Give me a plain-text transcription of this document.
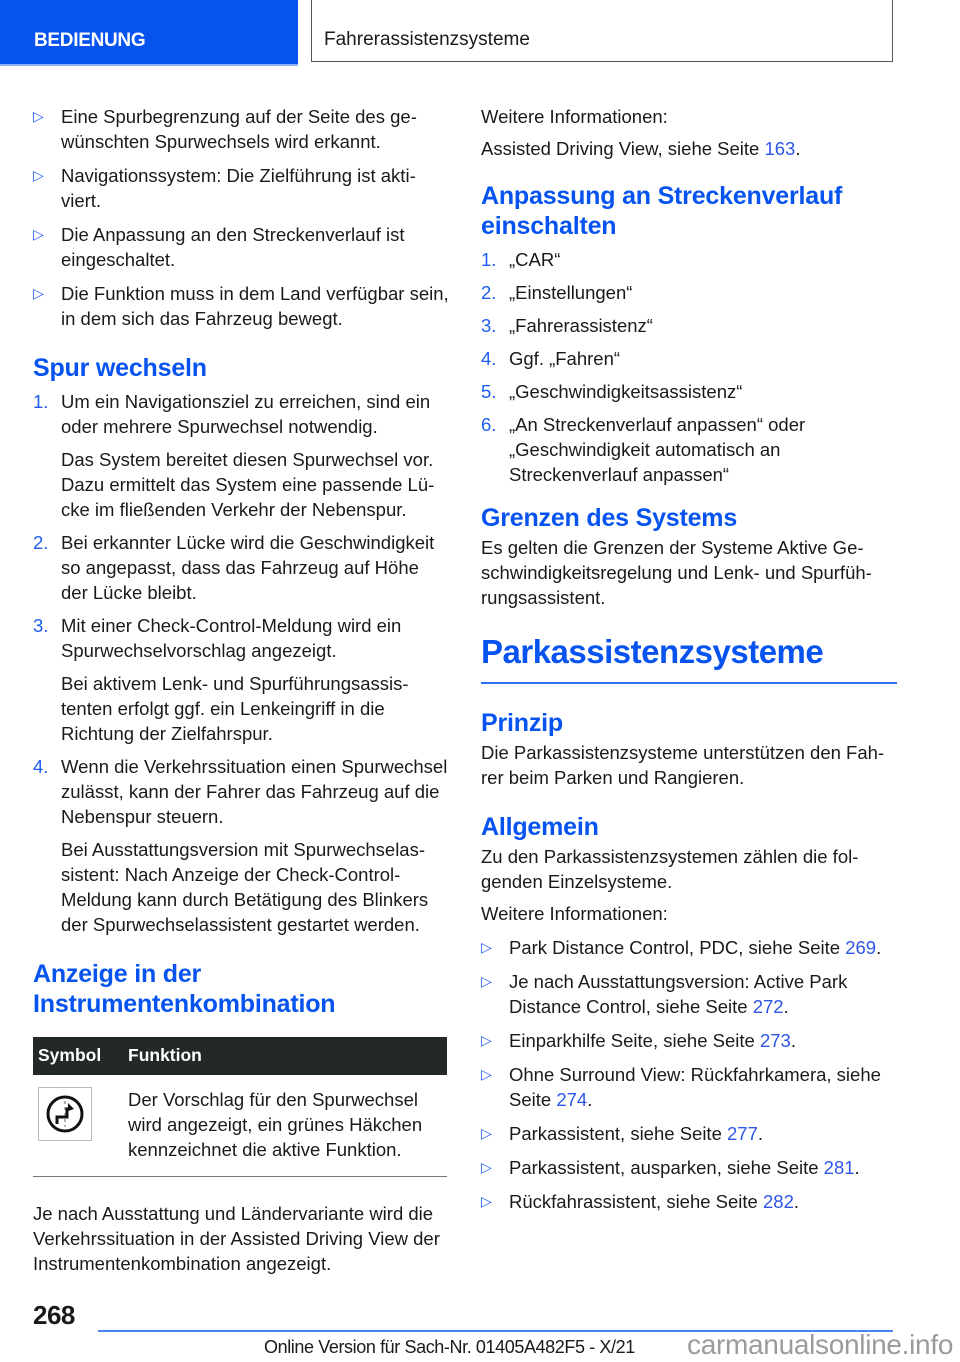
BEDIENUNG	Fahrerassistenzsysteme
▷ Eine Spurbegrenzung auf der Seite des gewünschten Spurwechsels wird erkannt.
▷ Navigationssystem: Die Zielführung ist aktiviert.
▷ Die Anpassung an den Streckenverlauf ist eingeschaltet.
▷ Die Funktion muss in dem Land verfügbar sein, in dem sich das Fahrzeug bewegt.
Spur wechseln
1. Um ein Navigationsziel zu erreichen, sind ein oder mehrere Spurwechsel notwendig.

Das System bereitet diesen Spurwechsel vor. Dazu ermittelt das System eine passende Lücke im fließenden Verkehr der Nebenspur.

2. Bei erkannter Lücke wird die Geschwindigkeit so angepasst, dass das Fahrzeug auf Höhe der Lücke bleibt.

3. Mit einer Check-Control-Meldung wird ein Spurwechselvorschlag angezeigt.

Bei aktivem Lenk- und Spurführungsassistenten erfolgt ggf. ein Lenkeingriff in die Richtung der Zielfahrspur.

4. Wenn die Verkehrssituation einen Spurwechsel zulässt, kann der Fahrer das Fahrzeug auf die Nebenspur steuern.

Bei Ausstattungsversion mit Spurwechselassistent: Nach Anzeige der Check-Control-Meldung kann durch Betätigung des Blinkers der Spurwechselassistent gestartet werden.

Anzeige in der Instrumentenkombination
Symbol	Funktion

	Der Vorschlag für den Spurwechsel wird angezeigt, ein grünes Häkchen kennzeichnet die aktive Funktion.

Je nach Ausstattung und Ländervariante wird die Verkehrssituation in der Assisted Driving View der Instrumentenkombination angezeigt.

Weitere Informationen:

Assisted Driving View, siehe Seite 163.

Anpassung an Streckenverlauf einschalten
1. „CAR“
2. „Einstellungen“
3. „Fahrerassistenz“
4. Ggf. „Fahren“
5. „Geschwindigkeitsassistenz“
6. „An Streckenverlauf anpassen“ oder „Geschwindigkeit automatisch an Streckenverlauf anpassen“
Grenzen des Systems

Es gelten die Grenzen der Systeme Aktive Geschwindigkeitsregelung und Lenk- und Spurführungsassistent.

Parkassistenzsysteme
Prinzip

Die Parkassistenzsysteme unterstützen den Fahrer beim Parken und Rangieren.

Allgemein

Zu den Parkassistenzsystemen zählen die folgenden Einzelsysteme.

Weitere Informationen:

▷ Park Distance Control, PDC, siehe Seite 269.
▷ Je nach Ausstattungsversion: Active Park Distance Control, siehe Seite 272.
▷ Einparkhilfe Seite, siehe Seite 273.
▷ Ohne Surround View: Rückfahrkamera, siehe Seite 274.
▷ Parkassistent, siehe Seite 277.
▷ Parkassistent, ausparken, siehe Seite 281.
▷ Rückfahrassistent, siehe Seite 282.
268
Online Version für Sach-Nr. 01405A482F5 - X/21 carmanualsonline.info
